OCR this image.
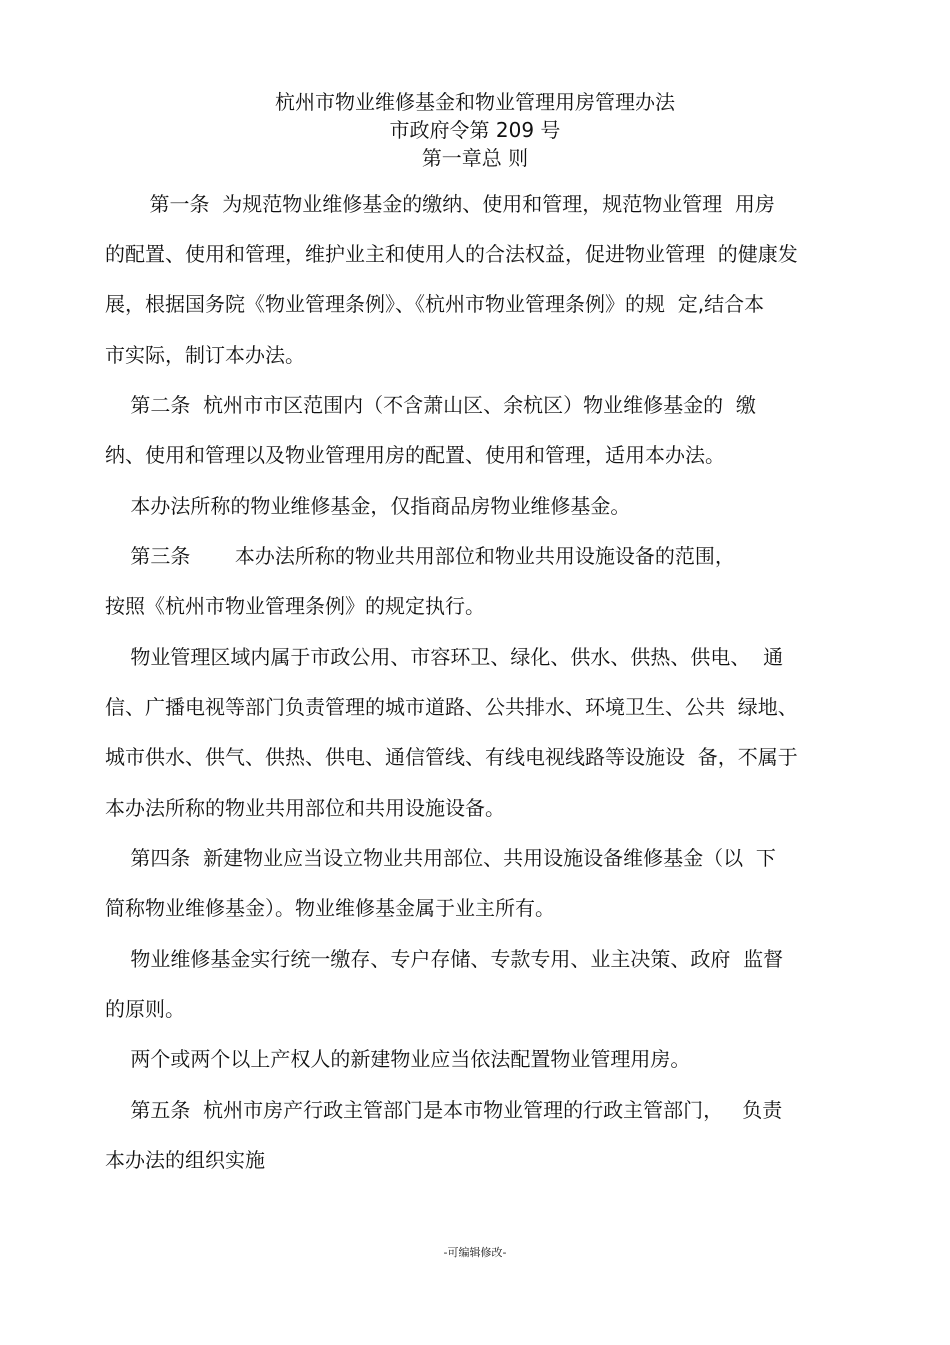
杭州市物业维修基金和物业管理用房管理办法
市政府令第 209 号
第一章总 则
第一条  为规范物业维修基金的缴纳、使用和管理，规范物业管理  用房
的配置、使用和管理，维护业主和使用人的合法权益，促进物业管理  的健康发
展，根据国务院《物业管理条例》、《杭州市物业管理条例》的规  定,结合本
市实际，制订本办法。
第二条  杭州市市区范围内（不含萧山区、余杭区）物业维修基金的  缴
纳、使用和管理以及物业管理用房的配置、使用和管理，适用本办法。
本办法所称的物业维修基金，仅指商品房物业维修基金。
第三条       本办法所称的物业共用部位和物业共用设施设备的范围，
按照《杭州市物业管理条例》的规定执行。
物业管理区域内属于市政公用、市容环卫、绿化、供水、供热、供电、  通
信、广播电视等部门负责管理的城市道路、公共排水、环境卫生、公共  绿地、
城市供水、供气、供热、供电、通信管线、有线电视线路等设施设  备，不属于
本办法所称的物业共用部位和共用设施设备。
第四条  新建物业应当设立物业共用部位、共用设施设备维修基金（以  下
简称物业维修基金）。物业维修基金属于业主所有。
物业维修基金实行统一缴存、专户存储、专款专用、业主决策、政府  监督
的原则。
两个或两个以上产权人的新建物业应当依法配置物业管理用房。
第五条  杭州市房产行政主管部门是本市物业管理的行政主管部门，   负责
本办法的组织实施
-可编辑修改-
